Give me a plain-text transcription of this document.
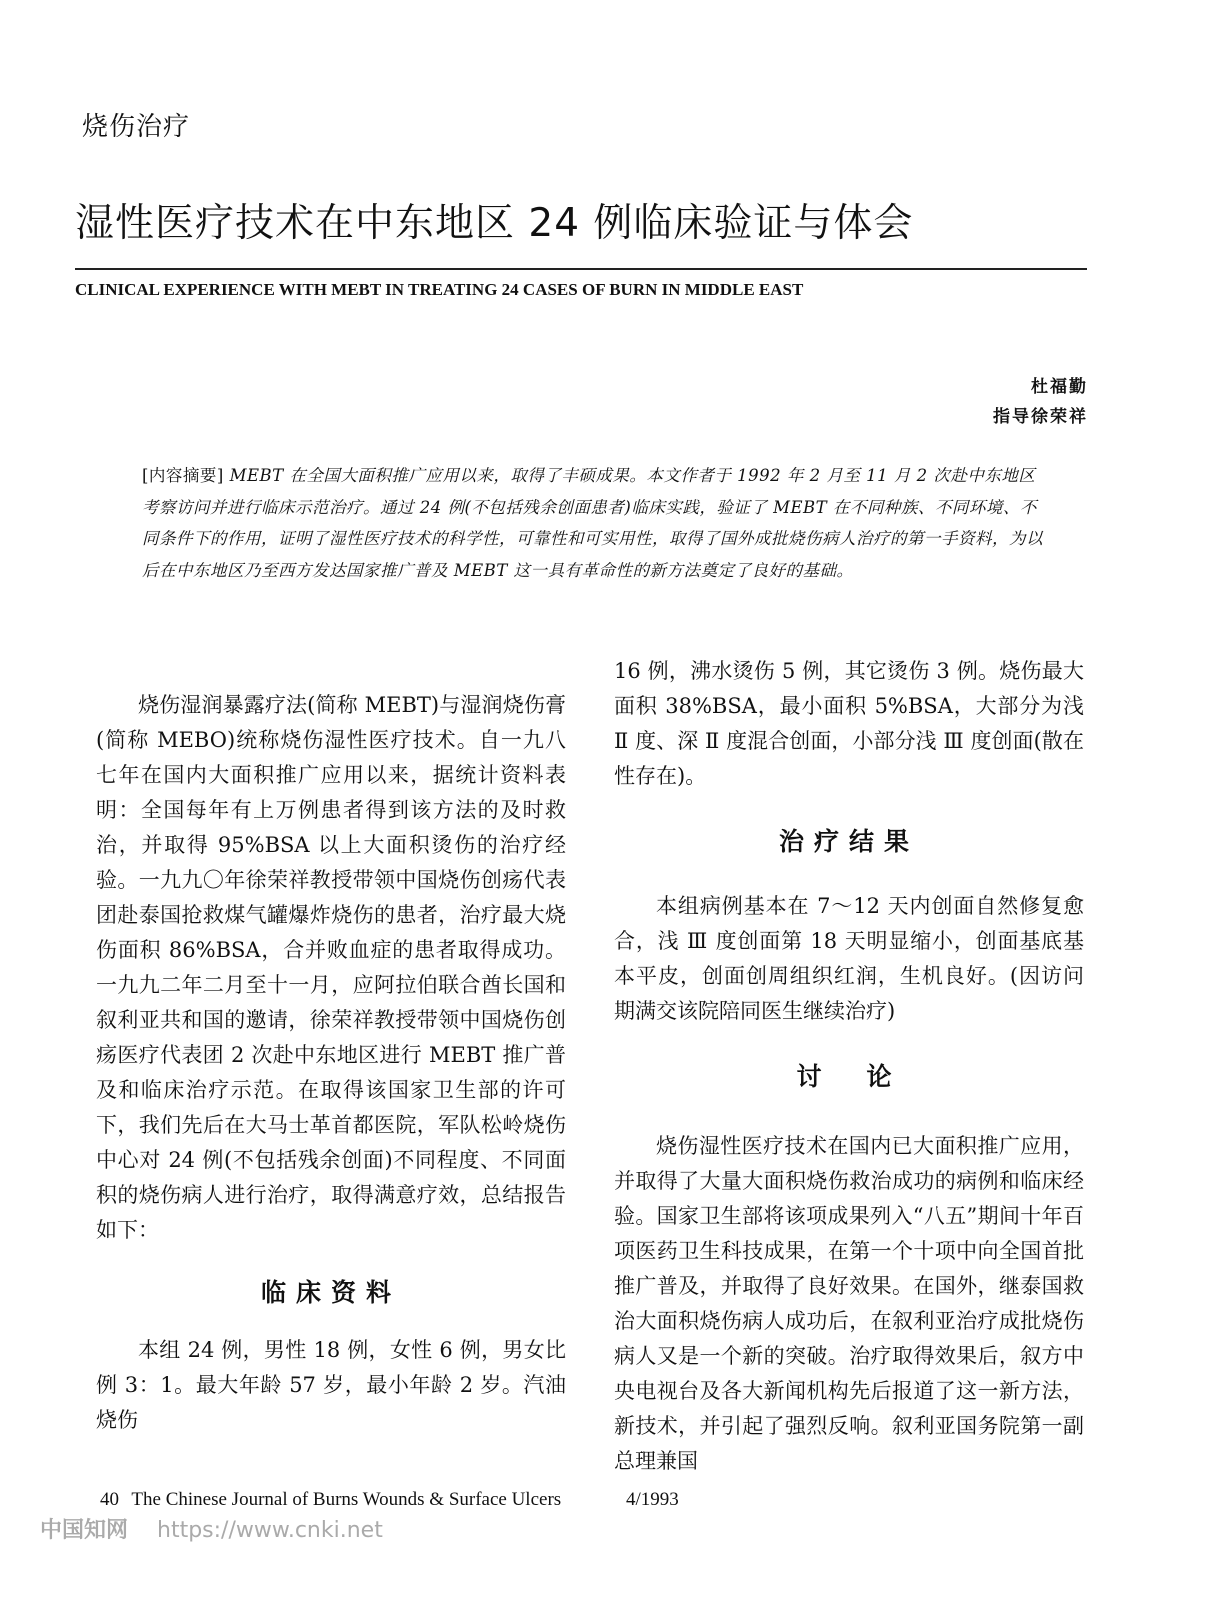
烧伤治疗
湿性医疗技术在中东地区 24 例临床验证与体会
CLINICAL EXPERIENCE WITH MEBT IN TREATING 24 CASES OF BURN IN MIDDLE EAST
杜福勤
指导徐荣祥
[内容摘要] MEBT 在全国大面积推广应用以来，取得了丰硕成果。本文作者于 1992 年 2 月至 11 月 2 次赴中东地区考察访问并进行临床示范治疗。通过 24 例(不包括残余创面患者)临床实践，验证了 MEBT 在不同种族、不同环境、不同条件下的作用，证明了湿性医疗技术的科学性，可靠性和可实用性，取得了国外成批烧伤病人治疗的第一手资料，为以后在中东地区乃至西方发达国家推广普及 MEBT 这一具有革命性的新方法奠定了良好的基础。

烧伤湿润暴露疗法(简称 MEBT)与湿润烧伤膏(简称 MEBO)统称烧伤湿性医疗技术。自一九八七年在国内大面积推广应用以来，据统计资料表明：全国每年有上万例患者得到该方法的及时救治，并取得 95%BSA 以上大面积烫伤的治疗经验。一九九〇年徐荣祥教授带领中国烧伤创疡代表团赴泰国抢救煤气罐爆炸烧伤的患者，治疗最大烧伤面积 86%BSA，合并败血症的患者取得成功。一九九二年二月至十一月，应阿拉伯联合酋长国和叙利亚共和国的邀请，徐荣祥教授带领中国烧伤创疡医疗代表团 2 次赴中东地区进行 MEBT 推广普及和临床治疗示范。在取得该国家卫生部的许可下，我们先后在大马士革首都医院，军队松岭烧伤中心对 24 例(不包括残余创面)不同程度、不同面积的烧伤病人进行治疗，取得满意疗效，总结报告如下：

临床资料

本组 24 例，男性 18 例，女性 6 例，男女比例 3：1。最大年龄 57 岁，最小年龄 2 岁。汽油烧伤

16 例，沸水烫伤 5 例，其它烫伤 3 例。烧伤最大面积 38%BSA，最小面积 5%BSA，大部分为浅 Ⅱ 度、深 Ⅱ 度混合创面，小部分浅 Ⅲ 度创面(散在性存在)。

治疗结果

本组病例基本在 7～12 天内创面自然修复愈合，浅 Ⅲ 度创面第 18 天明显缩小，创面基底基本平皮，创面创周组织红润，生机良好。(因访问期满交该院陪同医生继续治疗)

讨　论

烧伤湿性医疗技术在国内已大面积推广应用，并取得了大量大面积烧伤救治成功的病例和临床经验。国家卫生部将该项成果列入“八五”期间十年百项医药卫生科技成果，在第一个十项中向全国首批推广普及，并取得了良好效果。在国外，继泰国救治大面积烧伤病人成功后，在叙利亚治疗成批烧伤病人又是一个新的突破。治疗取得效果后，叙方中央电视台及各大新闻机构先后报道了这一新方法，新技术，并引起了强烈反响。叙利亚国务院第一副总理兼国

40 The Chinese Journal of Burns Wounds & Surface Ulcers	4/1993
中国知网 https://www.cnki.net
